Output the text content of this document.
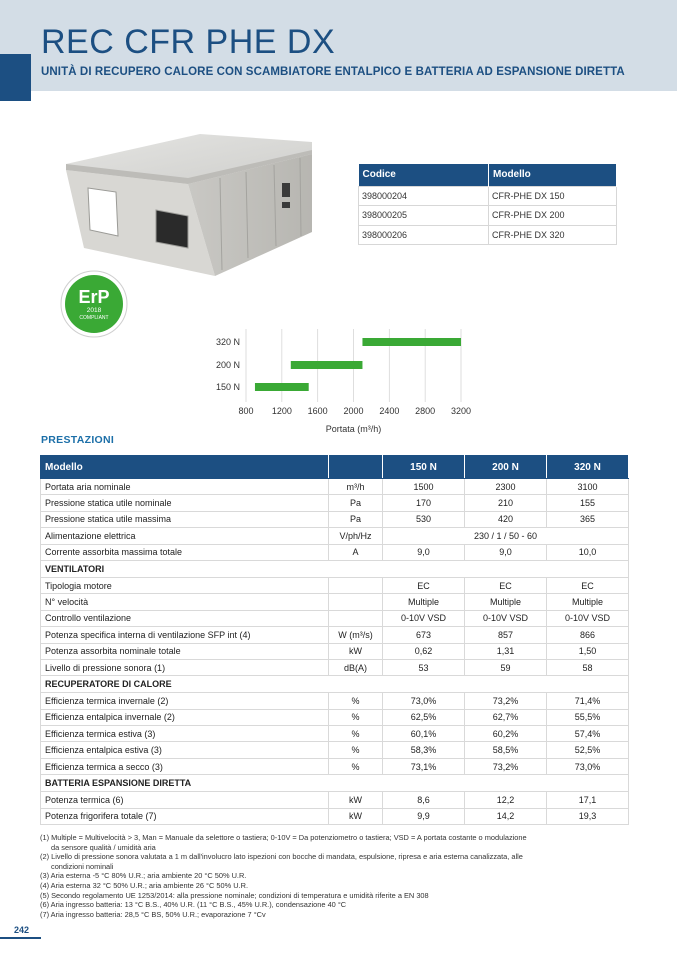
REC CFR PHE DX
UNITÀ DI RECUPERO CALORE CON SCAMBIATORE ENTALPICO E BATTERIA AD ESPANSIONE DIRETTA
Codice	Modello
398000204	CFR-PHE DX 150
398000205	CFR-PHE DX 200
398000206	CFR-PHE DX 320
ErP
2018
COMPLIANT
800 1200 1600 2000 2400 2800 3200
320 N
200 N
150 N
Portata (m³/h)
PRESTAZIONI
Modello		150 N	200 N	320 N
Portata aria nominale	m³/h	1500	2300	3100
Pressione statica utile nominale	Pa	170	210	155
Pressione statica utile massima	Pa	530	420	365
Alimentazione elettrica	V/ph/Hz	230 / 1 / 50 - 60		
Corrente assorbita massima totale	A	9,0	9,0	10,0
VENTILATORI				
Tipologia motore		EC	EC	EC
N° velocità		Multiple	Multiple	Multiple
Controllo ventilazione		0-10V VSD	0-10V VSD	0-10V VSD
Potenza specifica interna di ventilazione SFP int (4)	W (m³/s)	673	857	866
Potenza assorbita nominale totale	kW	0,62	1,31	1,50
Livello di pressione sonora (1)	dB(A)	53	59	58
RECUPERATORE DI CALORE				
Efficienza termica invernale (2)	%	73,0%	73,2%	71,4%
Efficienza entalpica invernale (2)	%	62,5%	62,7%	55,5%
Efficienza termica estiva (3)	%	60,1%	60,2%	57,4%
Efficienza entalpica estiva (3)	%	58,3%	58,5%	52,5%
Efficienza termica a secco (3)	%	73,1%	73,2%	73,0%
BATTERIA ESPANSIONE DIRETTA				
Potenza termica (6)	kW	8,6	12,2	17,1
Potenza frigorifera totale (7)	kW	9,9	14,2	19,3

(1) Multiple = Multivelocità > 3, Man = Manuale da selettore o tastiera; 0-10V = Da potenziometro o tastiera; VSD = A portata costante o modulazione

da sensore qualità / umidità aria

(2) Livello di pressione sonora valutata a 1 m dall'involucro lato ispezioni con bocche di mandata, espulsione, ripresa e aria esterna canalizzata, alle

condizioni nominali

(3) Aria esterna -5 °C 80% U.R.; aria ambiente 20 °C 50% U.R.

(4) Aria esterna 32 °C 50% U.R.; aria ambiente 26 °C 50% U.R.

(5) Secondo regolamento UE 1253/2014: alla pressione nominale; condizioni di temperatura e umidità riferite a EN 308

(6) Aria ingresso batteria: 13 °C B.S., 40% U.R. (11 °C B.S., 45% U.R.), condensazione 40 °C

(7) Aria ingresso batteria: 28,5 °C BS, 50% U.R.; evaporazione 7 °Cv

242
